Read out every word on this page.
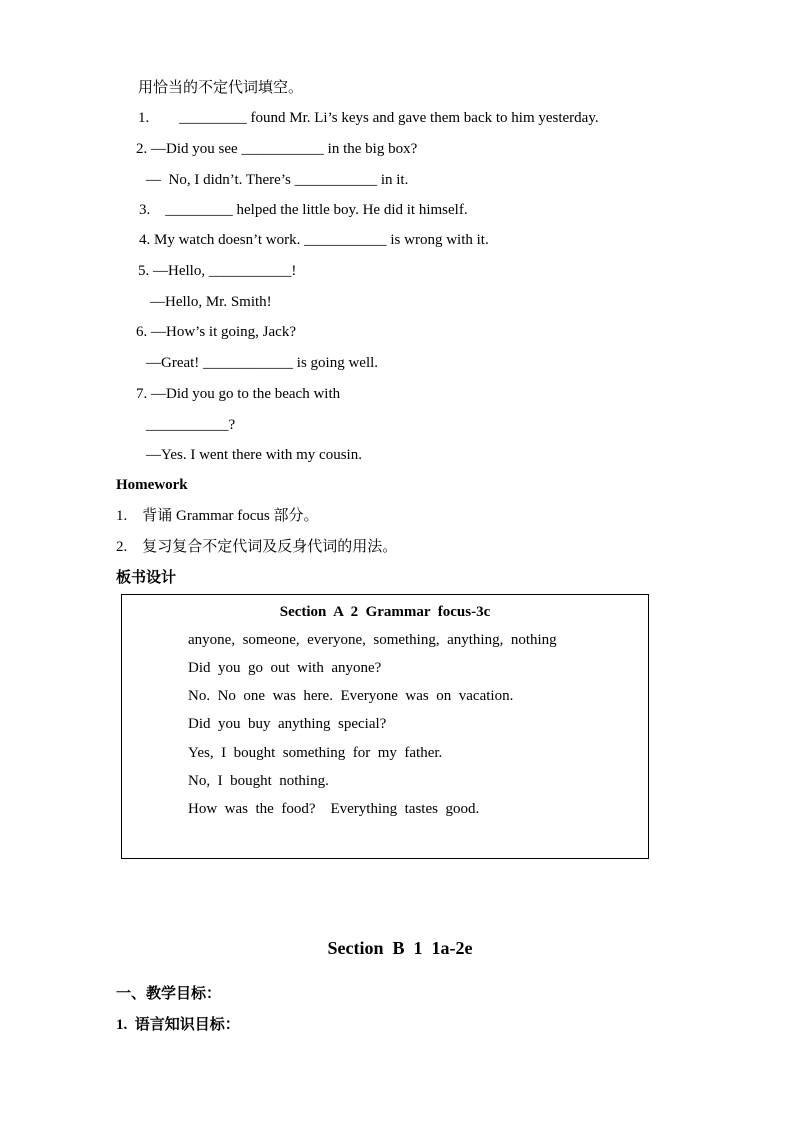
用恰当的不定代词填空。
1.        _________ found Mr. Li’s keys and gave them back to him yesterday.
2. —Did you see ___________ in the big box?
—  No, I didn’t. There’s ___________ in it.
3.    _________ helped the little boy. He did it himself.
4. My watch doesn’t work. ___________ is wrong with it.
5. —Hello, ___________!
—Hello, Mr. Smith!
6. —How’s it going, Jack?
—Great! ____________ is going well.
7. —Did you go to the beach with
___________?
—Yes. I went there with my cousin.
Homework
1.    背诵 Grammar focus 部分。
2.    复习复合不定代词及反身代词的用法。
板书设计
Section  A  2  Grammar  focus-3c
anyone,  someone,  everyone,  something,  anything,  nothing
Did  you  go  out  with  anyone?
No.  No  one  was  here.  Everyone  was  on  vacation.
Did  you  buy  anything  special?
Yes,  I  bought  something  for  my  father.
No,  I  bought  nothing.
How  was  the  food?    Everything  tastes  good.
Section  B  1  1a-2e
一、教学目标：
1.  语言知识目标：
